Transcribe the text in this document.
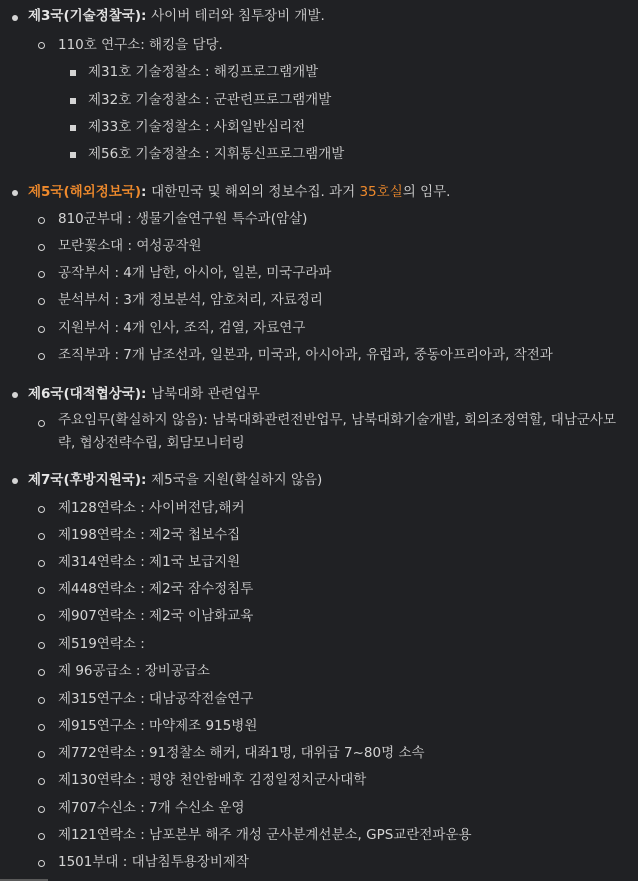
제3국(기술정찰국): 사이버 테러와 침투장비 개발.
110호 연구소: 해킹을 담당.
제31호 기술정찰소 : 해킹프로그램개발
제32호 기술정찰소 : 군관련프로그램개발
제33호 기술정찰소 : 사회일반심리전
제56호 기술정찰소 : 지휘통신프로그램개발
제5국(해외정보국): 대한민국 및 해외의 정보수집. 과거 35호실의 임무.
810군부대 : 생물기술연구원 특수과(암살)
모란꽃소대 : 여성공작원
공작부서 : 4개 남한, 아시아, 일본, 미국구라파
분석부서 : 3개 정보분석, 암호처리, 자료정리
지원부서 : 4개 인사, 조직, 검열, 자료연구
조직부과 : 7개 남조선과, 일본과, 미국과, 아시아과, 유럽과, 중동아프리아과, 작전과
제6국(대적협상국): 남북대화 관련업무
주요임무(확실하지 않음): 남북대화관련전반업무, 남북대화기술개발, 회의조정역할, 대남군사모략, 협상전략수립, 회담모니터링
제7국(후방지원국): 제5국을 지원(확실하지 않음)
제128연락소 : 사이버전담,해커
제198연락소 : 제2국 첩보수집
제314연락소 : 제1국 보급지원
제448연락소 : 제2국 잠수정침투
제907연락소 : 제2국 이남화교육
제519연락소 :
제 96공급소 : 장비공급소
제315연구소 : 대남공작전술연구
제915연구소 : 마약제조 915병원
제772연락소 : 91정찰소 해커, 대좌1명, 대위급 7~80명 소속
제130연락소 : 평양 천안함배후 김정일정치군사대학
제707수신소 : 7개 수신소 운영
제121연락소 : 남포본부 해주 개성 군사분계선분소, GPS교란전파운용
1501부대 : 대남침투용장비제작
